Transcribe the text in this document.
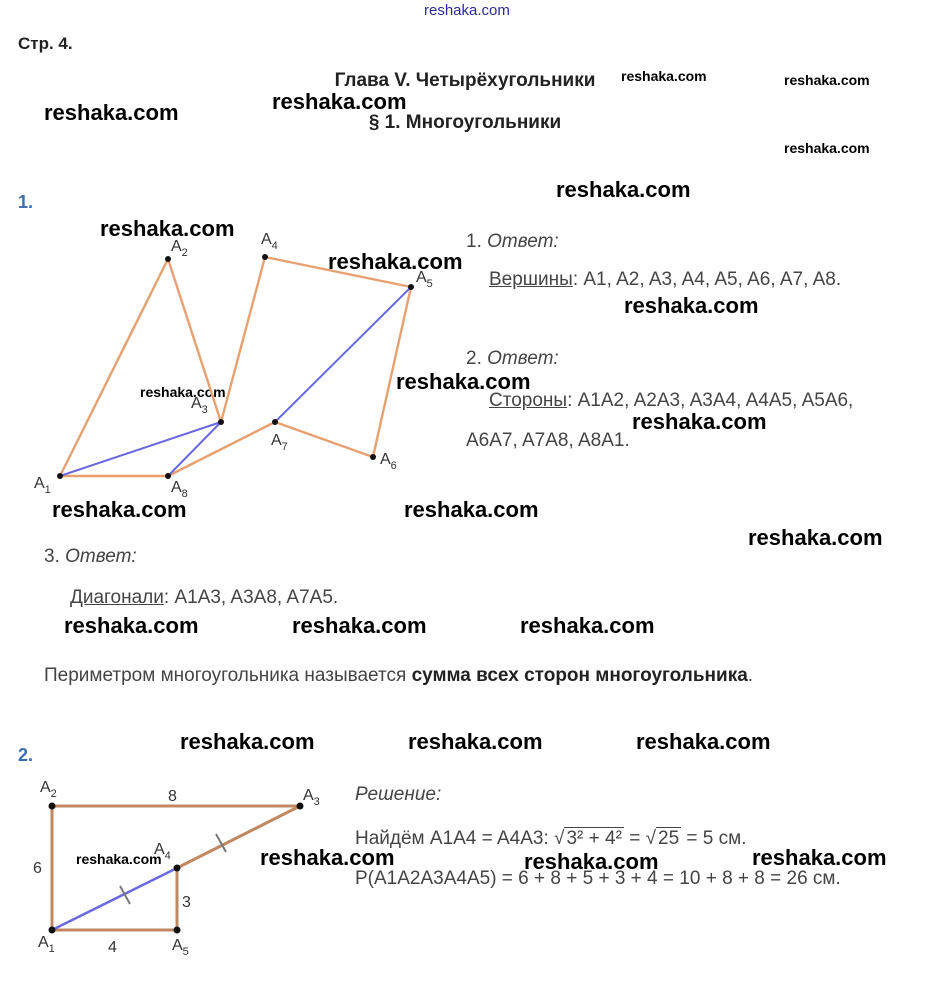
reshaka.com
Стр. 4.
Глава V. Четырёхугольники
§ 1. Многоугольники
reshaka.com	reshaka.com
reshaka.com	reshaka.com
reshaka.com
reshaka.com
reshaka.com
reshaka.com
reshaka.com
reshaka.com	reshaka.com
reshaka.com
reshaka.com	reshaka.com
reshaka.com
reshaka.com	reshaka.com	reshaka.com
reshaka.com	reshaka.com	reshaka.com
reshaka.com	reshaka.com	reshaka.com	reshaka.com
1.
$A_1$
$A_2$
$A_3$
$A_4$
$A_5$
$A_6$
$A_7$
$A_8$
1. Ответ:
Вершины: A1, A2, A3, A4, A5, A6, A7, A8.
2. Ответ:
Стороны: A1A2, A2A3, A3A4, A4A5, A5A6,
A6A7, A7A8, A8A1.
3. Ответ:
Диагонали: A1A3, A3A8, A7A5.
Периметром многоугольника называется сумма всех сторон многоугольника.
2.
$A_2$	$A_3$
$A_4$
$A_1$	$A_5$
8
6
3
4
Решение:
Найдём A1A4 = A4A3: √ 3² + 4² = √ 25 = 5 см.
P(A1A2A3A4A5) = 6 + 8 + 5 + 3 + 4 = 10 + 8 + 8 = 26 см.
